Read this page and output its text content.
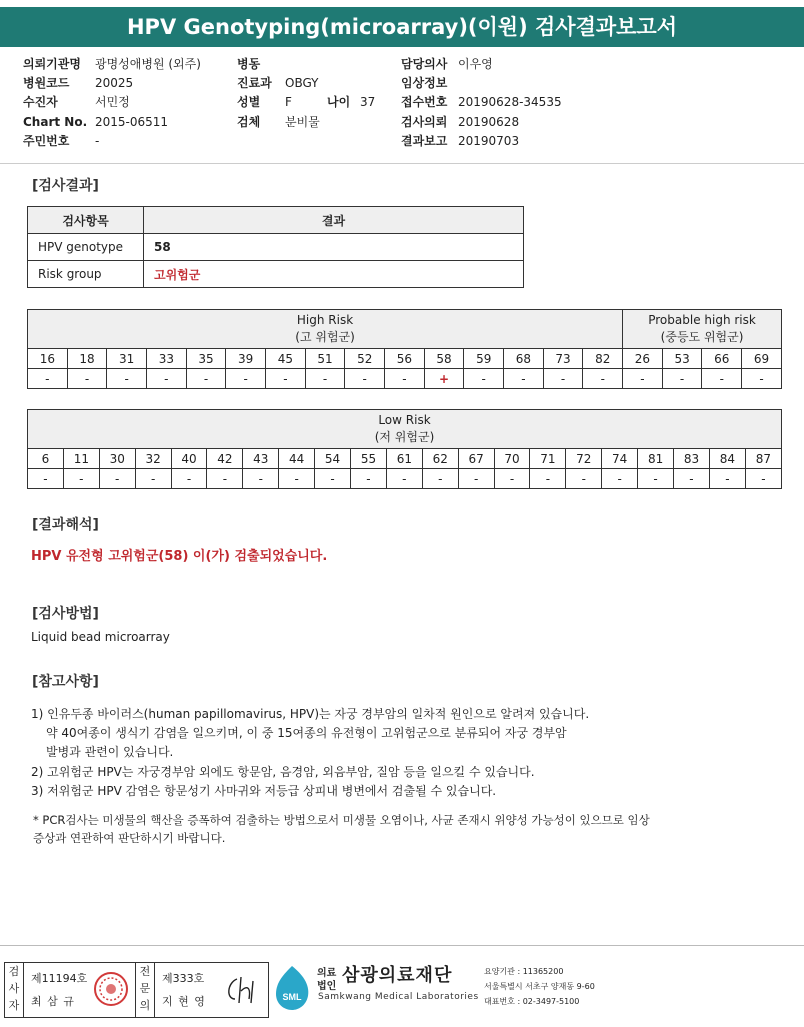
HPV Genotyping(microarray)(이원) 검사결과보고서
의뢰기관명 광명성애병원 (외주)
병원코드 20025
수진자	서민정
Chart No. 2015-06511
주민번호 -
병동
진료과 OBGY
성별 F	나이 37
검체 분비물
담당의사 이우영
임상정보
접수번호 20190628-34535
검사의뢰 20190628
결과보고 20190703
[검사결과]
검사항목	결과
HPV genotype	58
Risk group	고위험군
High Risk
(고 위험군)															Probable high risk
(중등도 위험군)			
16	18	31	33	35	39	45	51	52	56	58	59	68	73	82	26	53	66	69
-	-	-	-	-	-	-	-	-	-	+	-	-	-	-	-	-	-	-
Low Risk
(저 위험군)																				
6	11	30	32	40	42	43	44	54	55	61	62	67	70	71	72	74	81	83	84	87
-	-	-	-	-	-	-	-	-	-	-	-	-	-	-	-	-	-	-	-	-
[결과해석]
HPV 유전형 고위험군(58) 이(가) 검출되었습니다.
[검사방법]
Liquid bead microarray
[참고사항]
1) 인유두종 바이러스(human papillomavirus, HPV)는 자궁 경부암의 일차적 원인으로 알려져 있습니다.
약 40여종이 생식기 감염을 일으키며, 이 중 15여종의 유전형이 고위험군으로 분류되어 자궁 경부암
발병과 관련이 있습니다.
2) 고위험군 HPV는 자궁경부암 외에도 항문암, 음경암, 외음부암, 질암 등을 일으킬 수 있습니다.
3) 저위험군 HPV 감염은 항문성기 사마귀와 저등급 상피내 병변에서 검출될 수 있습니다.
* PCR검사는 미생물의 핵산을 증폭하여 검출하는 방법으로서 미생물 오염이나, 사균 존재시 위양성 가능성이 있으므로 임상
증상과 연관하여 판단하시기 바랍니다.
검
사
자
제11194호
최 삼 규
전
문
의
제333호
지 현 영	SML
의료
법인
삼광의료재단
Samkwang Medical Laboratories
요양기관 : 11365200
서울특별시 서초구 양재동 9-60
대표번호 : 02-3497-5100
